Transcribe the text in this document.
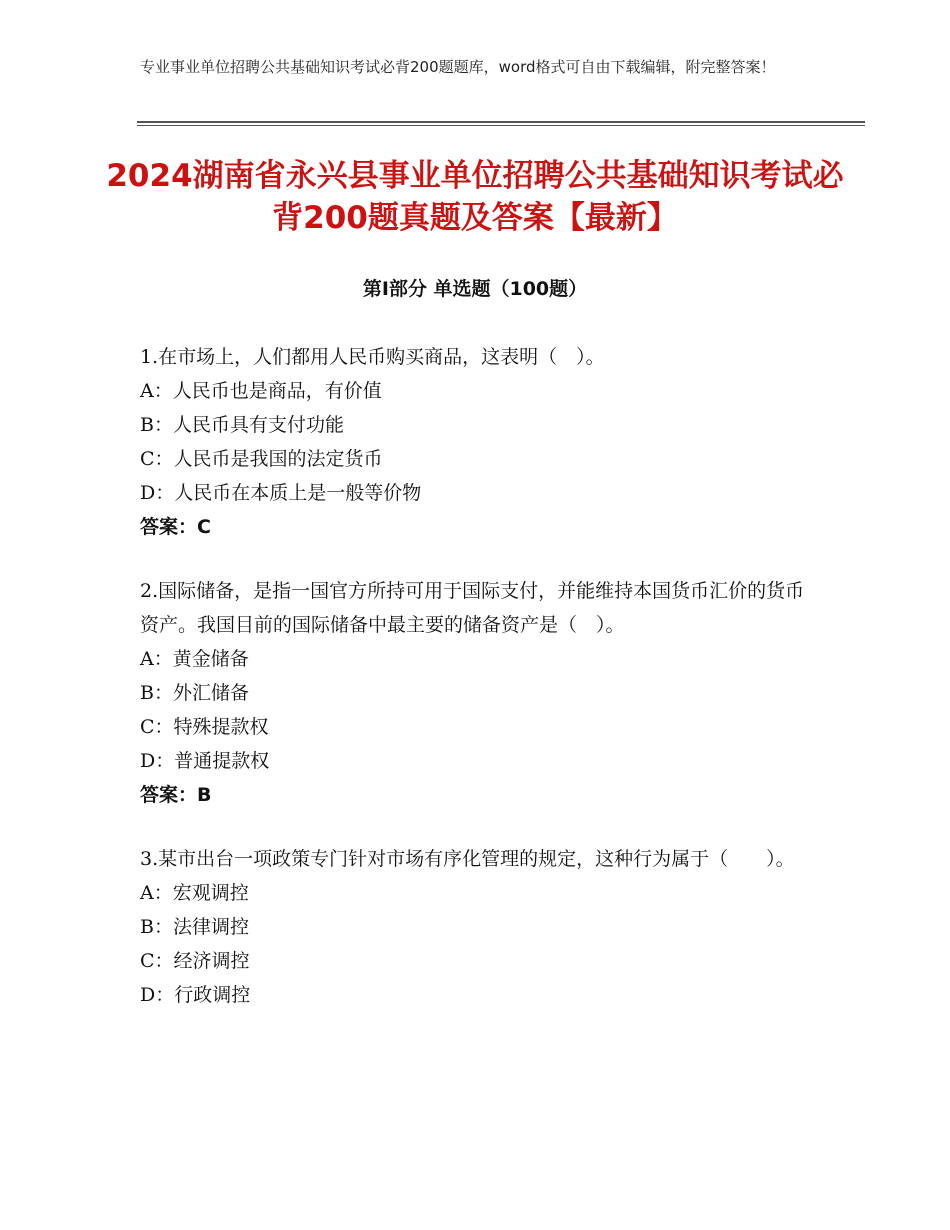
专业事业单位招聘公共基础知识考试必背200题题库，word格式可自由下载编辑，附完整答案！
2024湖南省永兴县事业单位招聘公共基础知识考试必背200题真题及答案【最新】
第Ⅰ部分 单选题（100题）

1.在市场上，人们都用人民币购买商品，这表明（　）。

A：人民币也是商品，有价值

B：人民币具有支付功能

C：人民币是我国的法定货币

D：人民币在本质上是一般等价物

答案：C

2.国际储备，是指一国官方所持可用于国际支付，并能维持本国货币汇价的货币资产。我国目前的国际储备中最主要的储备资产是（　）。

A：黄金储备

B：外汇储备

C：特殊提款权

D：普通提款权

答案：B

3.某市出台一项政策专门针对市场有序化管理的规定，这种行为属于（　　）。

A：宏观调控

B：法律调控

C：经济调控

D：行政调控
